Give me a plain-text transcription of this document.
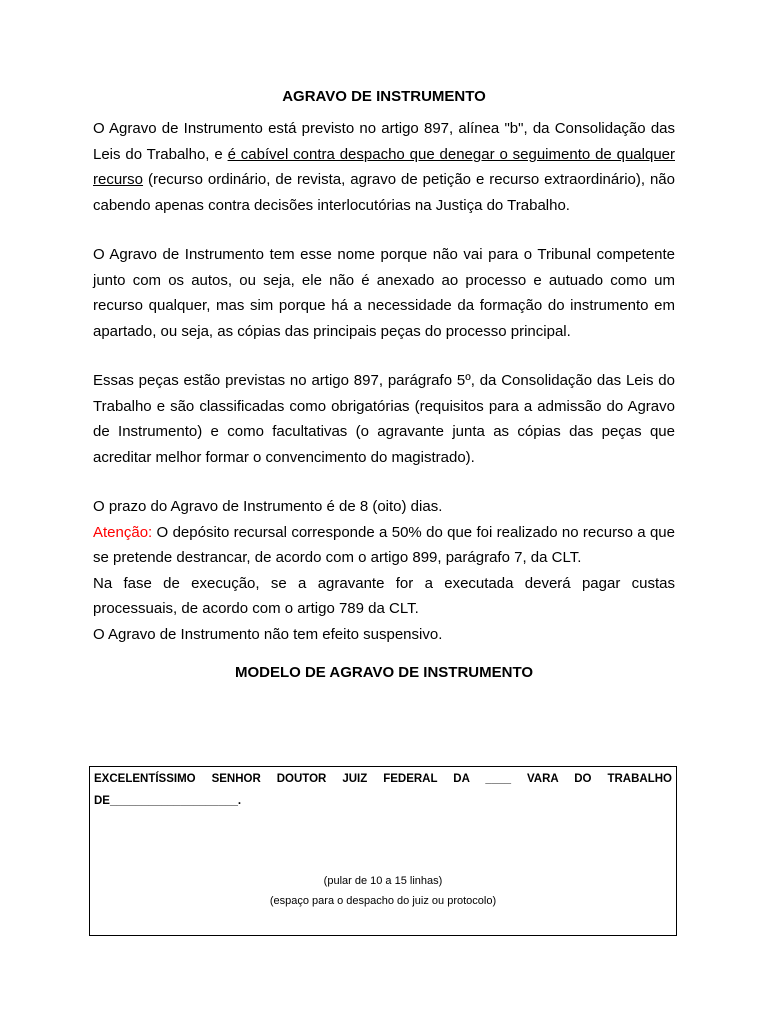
AGRAVO DE INSTRUMENTO

O Agravo de Instrumento está previsto no artigo 897, alínea "b", da Consolidação das Leis do Trabalho, e é cabível contra despacho que denegar o seguimento de qualquer recurso (recurso ordinário, de revista, agravo de petição e recurso extraordinário), não cabendo apenas contra decisões interlocutórias na Justiça do Trabalho.

O Agravo de Instrumento tem esse nome porque não vai para o Tribunal competente junto com os autos, ou seja, ele não é anexado ao processo e autuado como um recurso qualquer, mas sim porque há a necessidade da formação do instrumento em apartado, ou seja, as cópias das principais peças do processo principal.

Essas peças estão previstas no artigo 897, parágrafo 5º, da Consolidação das Leis do Trabalho e são classificadas como obrigatórias (requisitos para a admissão do Agravo de Instrumento) e como facultativas (o agravante junta as cópias das peças que acreditar melhor formar o convencimento do magistrado).

O prazo do Agravo de Instrumento é de 8 (oito) dias.

Atenção: O depósito recursal corresponde a 50% do que foi realizado no recurso a que se pretende destrancar, de acordo com o artigo 899, parágrafo 7, da CLT.

Na fase de execução, se a agravante for a executada deverá pagar custas processuais, de acordo com o artigo 789 da CLT.

O Agravo de Instrumento não tem efeito suspensivo.

MODELO DE AGRAVO DE INSTRUMENTO
EXCELENTÍSSIMO SENHOR DOUTOR JUIZ FEDERAL DA ____ VARA DO TRABALHO
DE____________________.
(pular de 10 a 15 linhas)
(espaço para o despacho do juiz ou protocolo)
